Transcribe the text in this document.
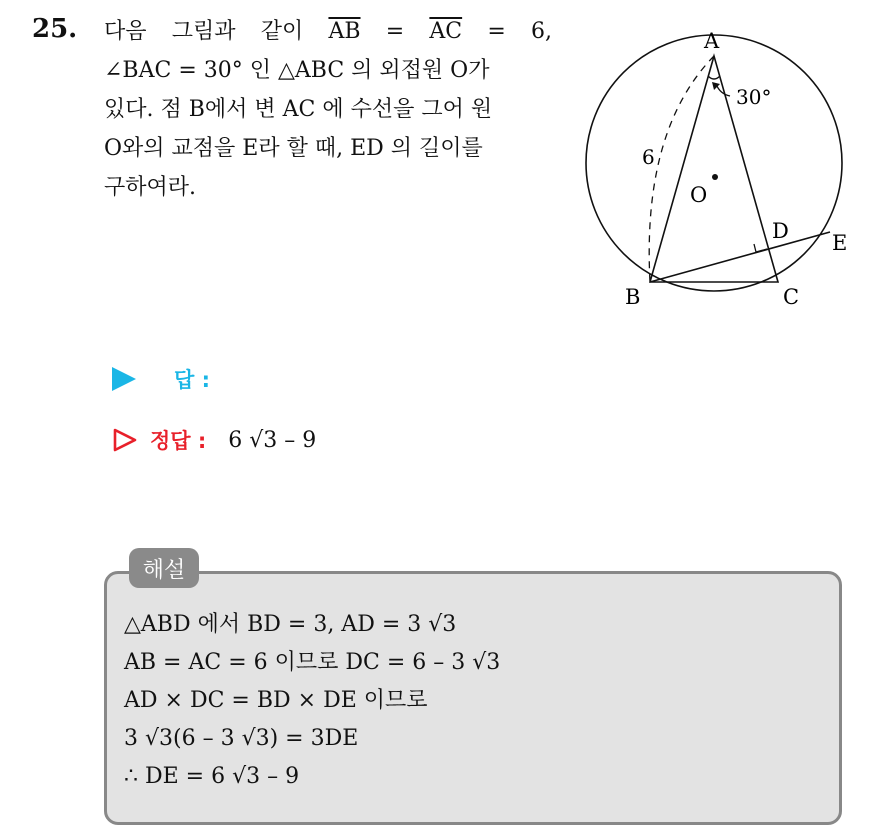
25. 다음 그림과 같이 $\overline{AB} = \overline{AC} = 6$,
∠BAC = 30° 인 △ABC 의 외접원 O가
있다. 점 B에서 변 AC 에 수선을 그어 원
O와의 교점을 E라 할 때, ED 의 길이를
구하여라.
A
B	C
D E
O
30°
6
답 :
정답 : 6 √3 – 9
해설
△ABD 에서 BD = 3, AD = 3 √3
AB = AC = 6 이므로 DC = 6 – 3 √3
AD × DC = BD × DE 이므로
3 √3(6 – 3 √3) = 3DE
∴ DE = 6 √3 – 9
